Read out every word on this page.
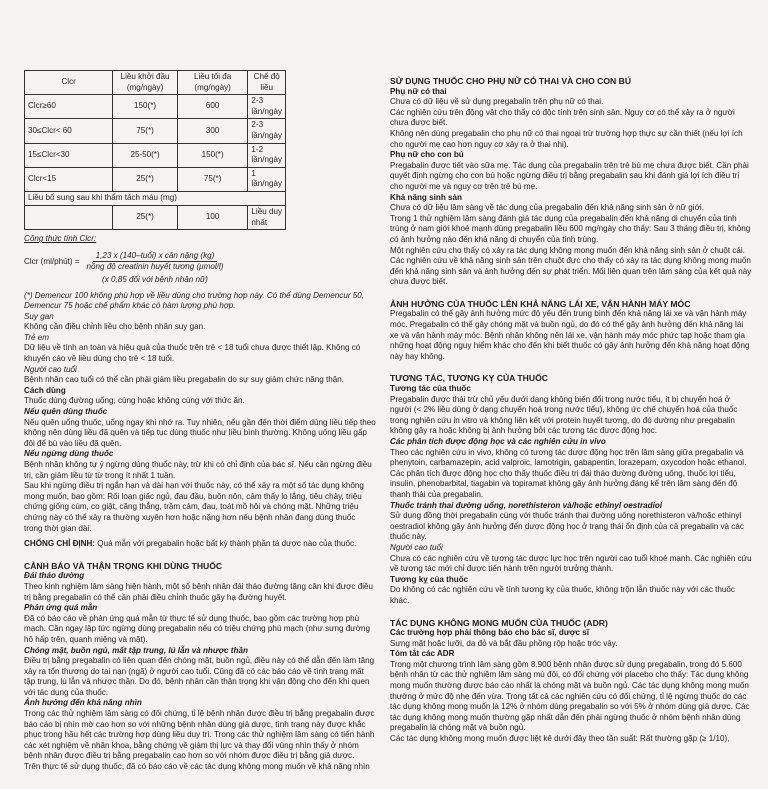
Clcr	Liều khởi đầu (mg/ngày)	Liều tối đa (mg/ngày)	Chế độ liều
Clcr≥60	150(*)	600	2-3 lần/ngày
30≤Clcr< 60	75(*)	300	2-3 lần/ngày
15≤Clcr<30	25-50(*)	150(*)	1-2 lần/ngày
Clcr<15	25(*)	75(*)	1 lần/ngày
Liều bổ sung sau khi thẩm tách máu (mg)			
	25(*)	100	Liều duy nhất

Công thức tính Clcr:

Clcr (ml/phút) = $\frac{\text{1,23 x (140–tuổi) x cân nặng (kg)}}{\text{nồng độ creatinin huyết tương (μmol/l)}}$

(x 0,85 đối với bệnh nhân nữ)

(*) Demencur 100 không phù hợp về liều dùng cho trường hợp này. Có thể dùng Demencur 50, Demencur 75 hoặc chế phẩm khác có hàm lượng phù hợp.

Suy gan

Không cần điều chỉnh liều cho bệnh nhân suy gan.

Trẻ em

Dữ liệu về tính an toàn và hiệu quả của thuốc trên trẻ < 18 tuổi chưa được thiết lập. Không có khuyến cáo về liều dùng cho trẻ < 18 tuổi.

Người cao tuổi

Bệnh nhân cao tuổi có thể cần phải giảm liều pregabalin do sự suy giảm chức năng thận.

Cách dùng

Thuốc dùng đường uống, cùng hoặc không cùng với thức ăn.

Nếu quên dùng thuốc

Nếu quên uống thuốc, uống ngay khi nhớ ra. Tuy nhiên, nếu gần đến thời điểm dùng liều tiếp theo không nên dùng liều đã quên và tiếp tục dùng thuốc như liều bình thường. Không uống liều gấp đôi để bù vào liều đã quên.

Nếu ngừng dùng thuốc

Bệnh nhân không tự ý ngừng dùng thuốc này, trừ khi có chỉ định của bác sĩ. Nếu cần ngừng điều trị, cần giảm liều từ từ trong ít nhất 1 tuần.

Sau khi ngừng điều trị ngắn hạn và dài hạn với thuốc này, có thể xảy ra một số tác dụng không mong muốn, bao gồm: Rối loạn giấc ngủ, đau đầu, buồn nôn, cảm thấy lo lắng, tiêu chảy, triệu chứng giống cúm, co giật, căng thẳng, trầm cảm, đau, toát mồ hôi và chóng mặt. Những triệu chứng này có thể xảy ra thường xuyên hơn hoặc nặng hơn nếu bệnh nhân đang dùng thuốc trong thời gian dài.

CHỐNG CHỈ ĐỊNH: Quá mẫn với pregabalin hoặc bất kỳ thành phần tá dược nào của thuốc.

CẢNH BÁO VÀ THẬN TRỌNG KHI DÙNG THUỐC

Đái tháo đường

Theo kinh nghiệm lâm sàng hiện hành, một số bệnh nhân đái tháo đường tăng cân khi được điều trị bằng pregabalin có thể cần phải điều chỉnh thuốc gây hạ đường huyết.

Phản ứng quá mẫn

Đã có báo cáo về phản ứng quá mẫn từ thực tế sử dụng thuốc, bao gồm các trường hợp phù mạch. Cần ngay lập tức ngừng dùng pregabalin nếu có triệu chứng phù mạch (như sưng đường hô hấp trên, quanh miệng và mặt).

Chóng mặt, buồn ngủ, mất tập trung, lú lẫn và nhược thần

Điều trị bằng pregabalin có liên quan đến chóng mặt, buồn ngủ, điều này có thể dẫn đến làm tăng xảy ra tổn thương do tai nạn (ngã) ở người cao tuổi. Cũng đã có các báo cáo về tình trạng mất tập trung, lú lẫn và nhược thần. Do đó, bệnh nhân cần thận trọng khi vận động cho đến khi quen với tác dụng của thuốc.

Ảnh hưởng đến khả năng nhìn

Trong các thử nghiệm lâm sàng có đối chứng, tỉ lệ bệnh nhân được điều trị bằng pregabalin được báo cáo bị nhìn mờ cao hơn so với những bệnh nhân dùng giả dược, tình trạng này được khắc phục trong hầu hết các trường hợp dùng liều duy trì. Trong các thử nghiệm lâm sàng có tiến hành các xét nghiệm về nhãn khoa, bằng chứng về giảm thị lực và thay đổi vùng nhìn thấy ở nhóm bệnh nhân được điều trị bằng pregabalin cao hơn so với nhóm được điều trị bằng giả dược.

Trên thực tế sử dụng thuốc, đã có báo cáo về các tác dụng không mong muốn về khả năng nhìn

SỬ DỤNG THUỐC CHO PHỤ NỮ CÓ THAI VÀ CHO CON BÚ

Phụ nữ có thai

Chưa có dữ liệu về sử dụng pregabalin trên phụ nữ có thai.

Các nghiên cứu trên động vật cho thấy có độc tính trên sinh sản. Nguy cơ có thể xảy ra ở người chưa được biết.

Không nên dùng pregabalin cho phụ nữ có thai ngoại trừ trường hợp thực sự cần thiết (nếu lợi ích cho người mẹ cao hơn nguy cơ xảy ra ở thai nhi).

Phụ nữ cho con bú

Pregabalin được tiết vào sữa mẹ. Tác dụng của pregabalin trên trẻ bú mẹ chưa được biết. Cần phải quyết định ngừng cho con bú hoặc ngừng điều trị bằng pregabalin sau khi đánh giá lợi ích điều trị cho người mẹ và nguy cơ trên trẻ bú mẹ.

Khả năng sinh sản

Chưa có dữ liệu lâm sàng về tác dụng của pregabalin đến khả năng sinh sản ở nữ giới.

Trong 1 thử nghiệm lâm sàng đánh giá tác dụng của pregabalin đến khả năng di chuyển của tinh trùng ở nam giới khoẻ mạnh dùng pregabalin liều 600 mg/ngày cho thấy: Sau 3 tháng điều trị, không có ảnh hưởng nào đến khả năng di chuyển của tinh trùng.

Một nghiên cứu cho thấy có xảy ra tác dụng không mong muốn đến khả năng sinh sản ở chuột cái. Các nghiên cứu về khả năng sinh sản trên chuột đực cho thấy có xảy ra tác dụng không mong muốn đến khả năng sinh sản và ảnh hưởng đến sự phát triển. Mối liên quan trên lâm sàng của kết quả này chưa được biết.

ẢNH HƯỞNG CỦA THUỐC LÊN KHẢ NĂNG LÁI XE, VẬN HÀNH MÁY MÓC

Pregabalin có thể gây ảnh hưởng mức độ yếu đến trung bình đến khả năng lái xe và vận hành máy móc. Pregabalin có thể gây chóng mặt và buồn ngủ, do đó có thể gây ảnh hưởng đến khả năng lái xe và vận hành máy móc. Bệnh nhân không nên lái xe, vận hành máy móc phức tạp hoặc tham gia những hoạt động nguy hiểm khác cho đến khi biết thuốc có gây ảnh hưởng đến khả năng hoạt động này hay không.

TƯƠNG TÁC, TƯƠNG KỴ CỦA THUỐC

Tương tác của thuốc

Pregabalin được thải trừ chủ yếu dưới dạng không biến đổi trong nước tiểu, ít bị chuyển hoá ở người (< 2% liều dùng ở dạng chuyển hoá trong nước tiểu), không ức chế chuyển hoá của thuốc trong nghiên cứu in vitro và không liên kết với protein huyết tương, do đó dường như pregabalin không gây ra hoặc không bị ảnh hưởng bởi các tương tác được động học.

Các phân tích được động học và các nghiên cứu in vivo

Theo các nghiên cứu in vivo, không có tương tác dược động học trên lâm sàng giữa pregabalin và phenytoin, carbamazepin, acid valproic, lamotrigin, gabapentin, lorazepam, oxycodon hoặc ethanol. Các phân tích được động học cho thấy thuốc điều trị đái tháo đường đường uống, thuốc lợi tiểu, insulin, phenobarbital, tiagabin và topiramat không gây ảnh hưởng đáng kể trên lâm sàng đến độ thanh thải của pregabalin.

Thuốc tránh thai đường uống, norethisteron và/hoặc ethinyl oestradiol

Sử dụng đồng thời pregabalin cùng với thuốc tránh thai đường uống norethisteron và/hoặc ethinyl oestradiol không gây ảnh hưởng đến dược động học ở trạng thái ổn định của cả pregabalin và các thuốc này.

Người cao tuổi

Chưa có các nghiên cứu về tương tác dược lực học trên người cao tuổi khoẻ mạnh. Các nghiên cứu về tương tác mới chỉ được tiến hành trên người trưởng thành.

Tương kỵ của thuốc

Do không có các nghiên cứu về tính tương kỵ của thuốc, không trộn lẫn thuốc này với các thuốc khác.

TÁC DỤNG KHÔNG MONG MUỐN CỦA THUỐC (ADR)

Các trường hợp phải thông báo cho bác sĩ, dược sĩ

Sưng mặt hoặc lưỡi, da đỏ và bắt đầu phồng rộp hoặc tróc vảy.

Tóm tắt các ADR

Trong một chương trình lâm sàng gồm 8.900 bệnh nhân được sử dụng pregabalin, trong đó 5.600 bệnh nhân từ các thử nghiệm lâm sàng mù đôi, có đối chứng với placebo cho thấy: Tác dụng không mong muốn thường được báo cáo nhất là chóng mặt và buồn ngủ. Các tác dụng không mong muốn thường ở mức độ nhẹ đến vừa. Trong tất cả các nghiên cứu có đối chứng, tỉ lệ ngừng thuốc do các tác dụng không mong muốn là 12% ở nhóm dùng pregabalin so với 5% ở nhóm dùng giả dược. Các tác dụng không mong muốn thường gặp nhất dẫn đến phải ngừng thuốc ở nhóm bệnh nhân dùng pregabalin là chóng mặt và buồn ngủ.

Các tác dụng không mong muốn được liệt kê dưới đây theo tần suất: Rất thường gặp (≥ 1/10),
